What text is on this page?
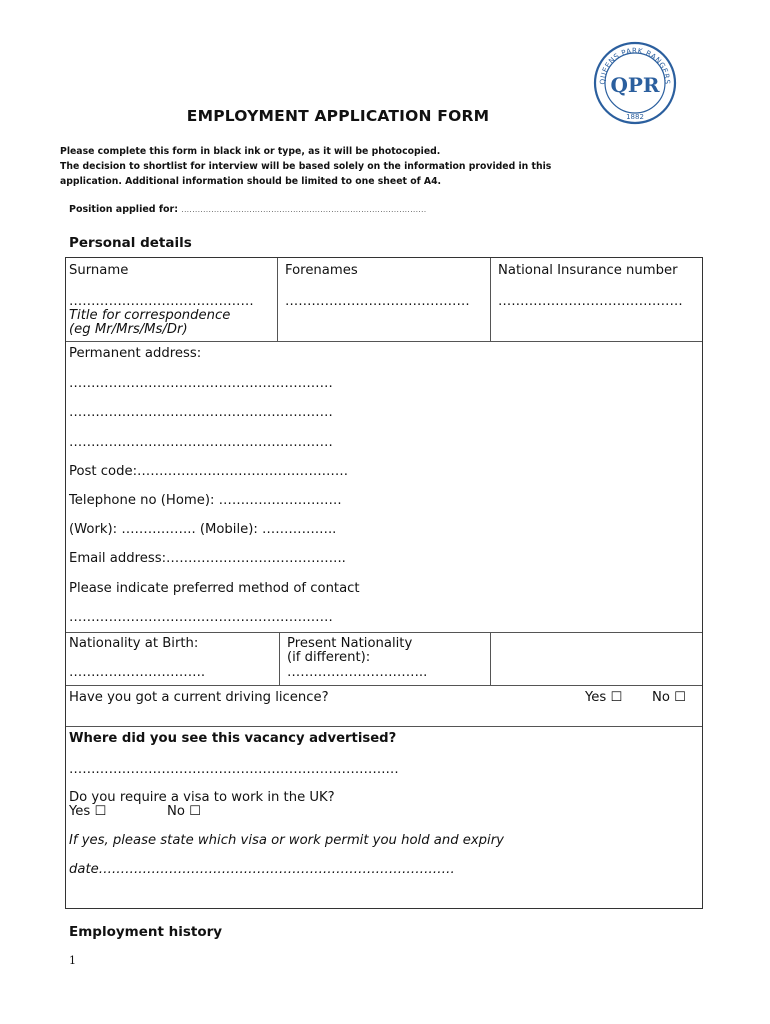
QUEENS PARK RANGERS
QPR
1882
EMPLOYMENT APPLICATION FORM
Please complete this form in black ink or type, as it will be photocopied.
The decision to shortlist for interview will be based solely on the information provided in this
application. Additional information should be limited to one sheet of A4.
Position applied for: ..........................................................................................
Personal details
Surname
……………………………………
Title for correspondence
(eg Mr/Mrs/Ms/Dr)
Forenames
……………………………………
National Insurance number
……………………………………
Permanent address:
……………………………………………………
……………………………………………………
……………………………………………………
Post code:…………………………………………
Telephone no (Home): ……………………….
(Work): …………….. (Mobile): ……………..
Email address:…………………………………..
Please indicate preferred method of contact
……………………………………………………
Nationality at Birth:
………………………….
Present Nationality
(if different):
…………………………..
Have you got a current driving licence?	Yes ☐ No ☐
Where did you see this vacancy advertised?
…………………………………………………………………
Do you require a visa to work in the UK?
Yes ☐	No ☐
If yes, please state which visa or work permit you hold and expiry
date………………………………………………………………………
Employment history
1
